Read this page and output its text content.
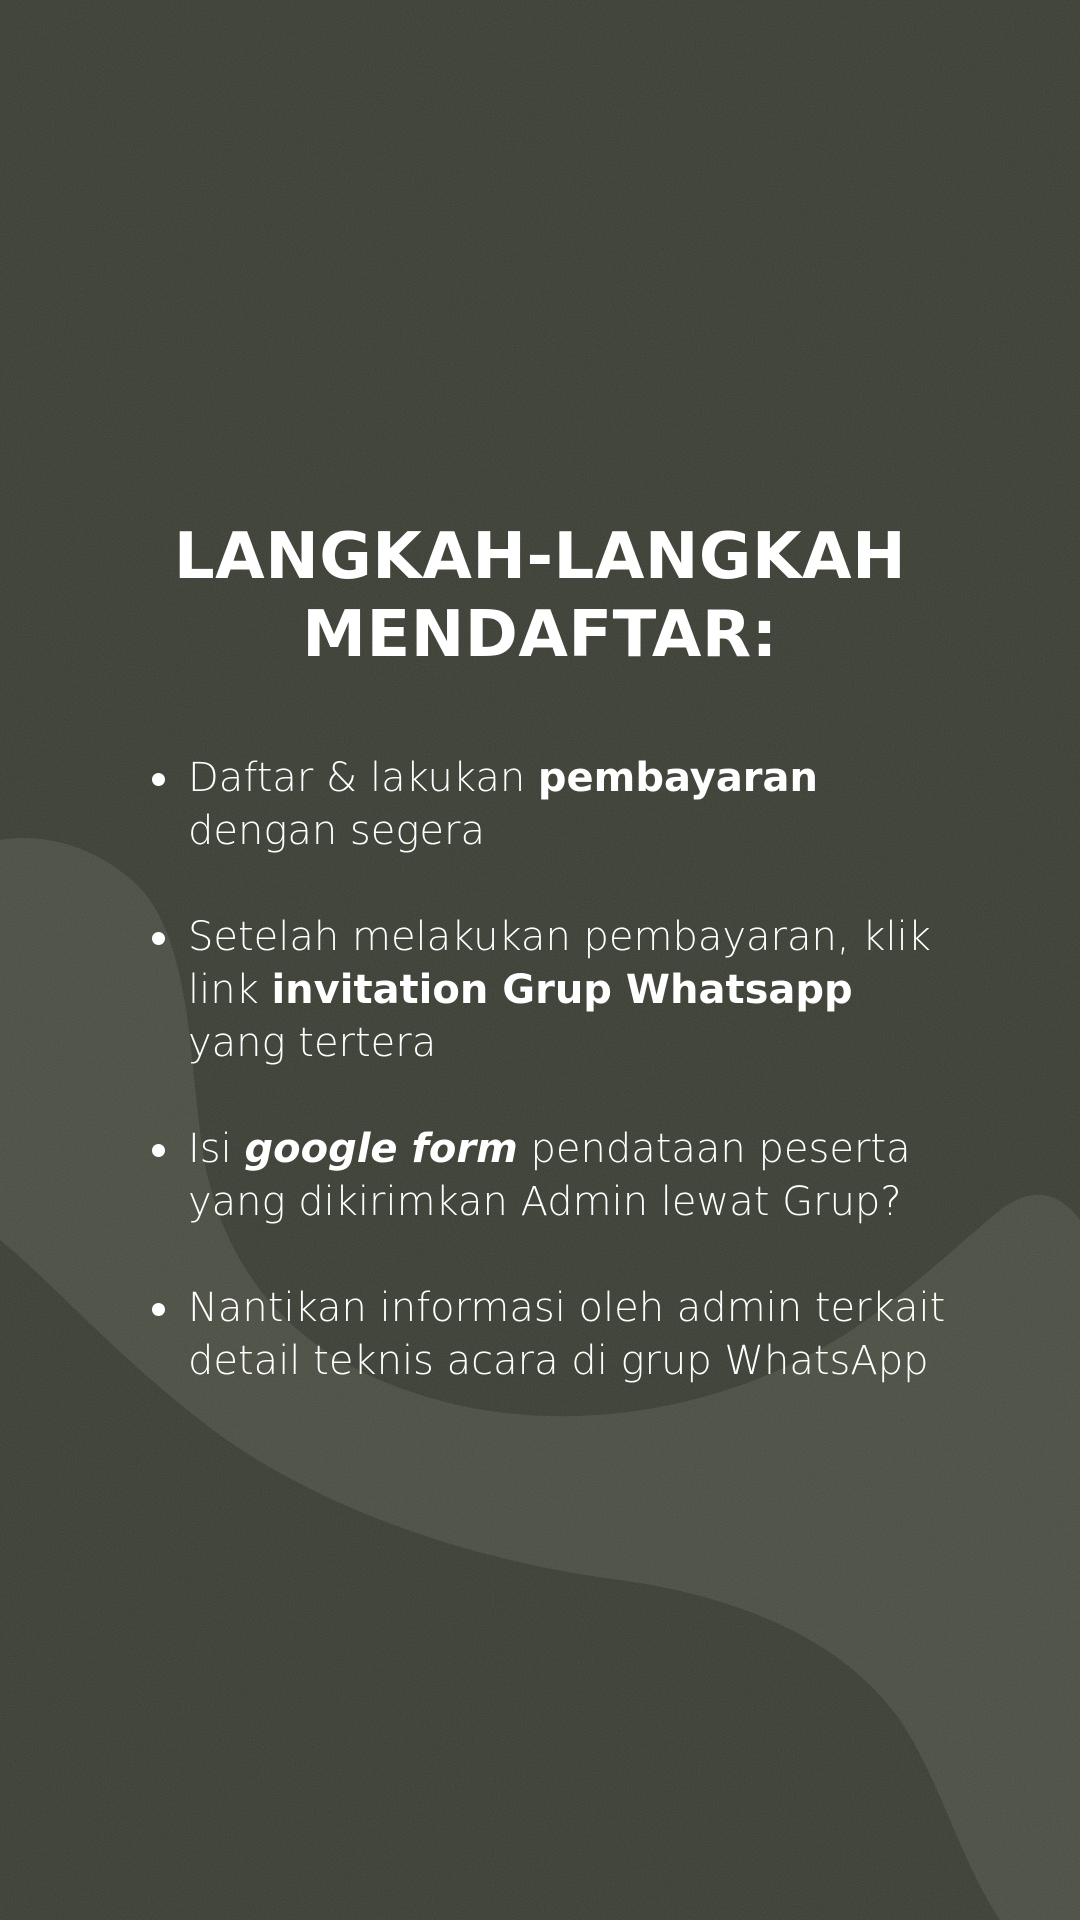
LANGKAH-LANGKAH
MENDAFTAR:
Daftar & lakukan pembayaran dengan segera
Setelah melakukan pembayaran, klik link invitation Grup Whatsapp yang tertera
Isi google form pendataan peserta yang dikirimkan Admin lewat Grup?
Nantikan informasi oleh admin terkait detail teknis acara di grup WhatsApp
